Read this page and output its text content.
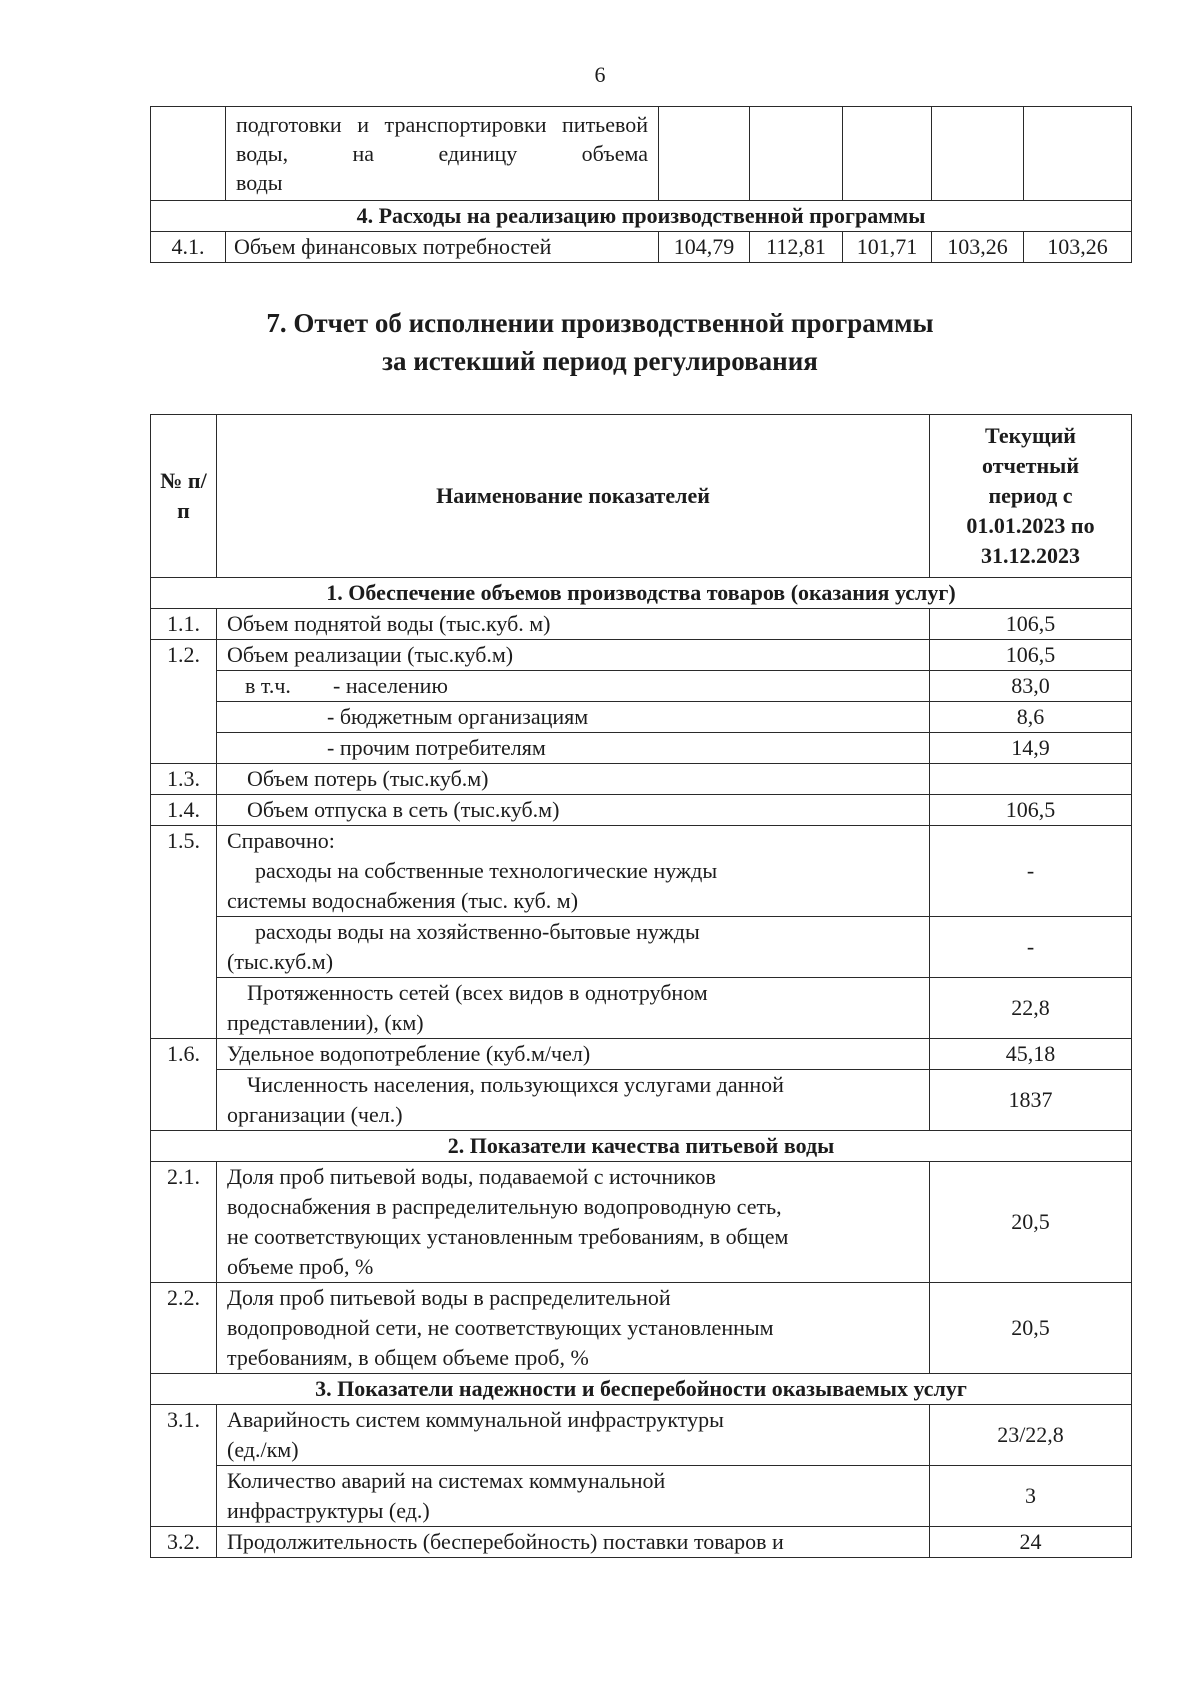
6
	подготовки и транспортировки питьевой воды, на единицу объема
воды					

4. Расходы на реализацию производственной программы						
4.1.	Объем финансовых потребностей	104,79	112,81	101,71	103,26	103,26
7. Отчет об исполнении производственной программы
за истекший период регулирования
№ п/п	Наименование показателей	Текущий
отчетный
период с
01.01.2023 по
31.12.2023

1. Обеспечение объемов производства товаров (оказания услуг)		
1.1.	Объем поднятой воды (тыс.куб. м)	106,5
1.2.	Объем реализации (тыс.куб.м)	106,5
	в т.ч. - населению	83,0
	- бюджетным организациям	8,6
	- прочим потребителям	14,9
1.3.	Объем потерь (тыс.куб.м)	
1.4.	Объем отпуска в сеть (тыс.куб.м)	106,5
1.5.	Справочно:
расходы на собственные технологические нужды
системы водоснабжения (тыс. куб. м)	-

	расходы воды на хозяйственно-бытовые нужды
(тыс.куб.м)	-

	Протяженность сетей (всех видов в однотрубном
представлении), (км)	22,8
1.6.	Удельное водопотребление (куб.м/чел)	45,18

	Численность населения, пользующихся услугами данной
организации (чел.)	1837
2. Показатели качества питьевой воды		
2.1.	Доля проб питьевой воды, подаваемой с источников
водоснабжения в распределительную водопроводную сеть,
не соответствующих установленным требованиям, в общем
объеме проб, %	20,5
2.2.	Доля проб питьевой воды в распределительной
водопроводной сети, не соответствующих установленным
требованиям, в общем объеме проб, %	20,5
3. Показатели надежности и бесперебойности оказываемых услуг		
3.1.	Аварийность систем коммунальной инфраструктуры
(ед./км)	23/22,8

	Количество аварий на системах коммунальной
инфраструктуры (ед.)	3
3.2.	Продолжительность (бесперебойность) поставки товаров и	24
